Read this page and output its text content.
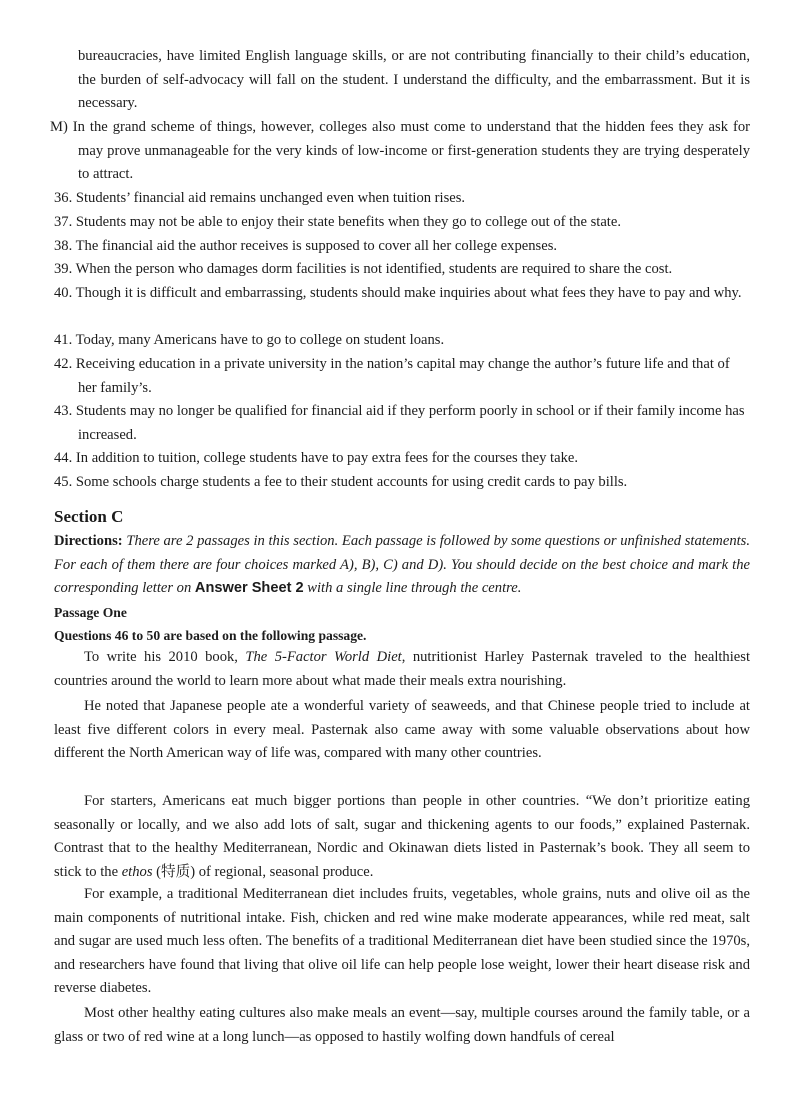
bureaucracies, have limited English language skills, or are not contributing financially to their child’s education, the burden of self-advocacy will fall on the student. I understand the difficulty, and the embarrassment. But it is necessary.

M) In the grand scheme of things, however, colleges also must come to understand that the hidden fees they ask for may prove unmanageable for the very kinds of low-income or first-generation students they are trying desperately to attract.

36. Students’ financial aid remains unchanged even when tuition rises.

37. Students may not be able to enjoy their state benefits when they go to college out of the state.

38. The financial aid the author receives is supposed to cover all her college expenses.

39. When the person who damages dorm facilities is not identified, students are required to share the cost.

40. Though it is difficult and embarrassing, students should make inquiries about what fees they have to pay and why.

41. Today, many Americans have to go to college on student loans.

42. Receiving education in a private university in the nation’s capital may change the author’s future life and that of her family’s.

43. Students may no longer be qualified for financial aid if they perform poorly in school or if their family income has increased.

44. In addition to tuition, college students have to pay extra fees for the courses they take.

45. Some schools charge students a fee to their student accounts for using credit cards to pay bills.

Section C

Directions: There are 2 passages in this section. Each passage is followed by some questions or unfinished statements. For each of them there are four choices marked A), B), C) and D). You should decide on the best choice and mark the corresponding letter on Answer Sheet 2 with a single line through the centre.

Passage One

Questions 46 to 50 are based on the following passage.

To write his 2010 book, The 5-Factor World Diet, nutritionist Harley Pasternak traveled to the healthiest countries around the world to learn more about what made their meals extra nourishing.

He noted that Japanese people ate a wonderful variety of seaweeds, and that Chinese people tried to include at least five different colors in every meal. Pasternak also came away with some valuable observations about how different the North American way of life was, compared with many other countries.

For starters, Americans eat much bigger portions than people in other countries. “We don’t prioritize eating seasonally or locally, and we also add lots of salt, sugar and thickening agents to our foods,” explained Pasternak. Contrast that to the healthy Mediterranean, Nordic and Okinawan diets listed in Pasternak’s book. They all seem to stick to the ethos (特质) of regional, seasonal produce.

For example, a traditional Mediterranean diet includes fruits, vegetables, whole grains, nuts and olive oil as the main components of nutritional intake. Fish, chicken and red wine make moderate appearances, while red meat, salt and sugar are used much less often. The benefits of a traditional Mediterranean diet have been studied since the 1970s, and researchers have found that living that olive oil life can help people lose weight, lower their heart disease risk and reverse diabetes.

Most other healthy eating cultures also make meals an event—say, multiple courses around the family table, or a glass or two of red wine at a long lunch—as opposed to hastily wolfing down handfuls of cereal
